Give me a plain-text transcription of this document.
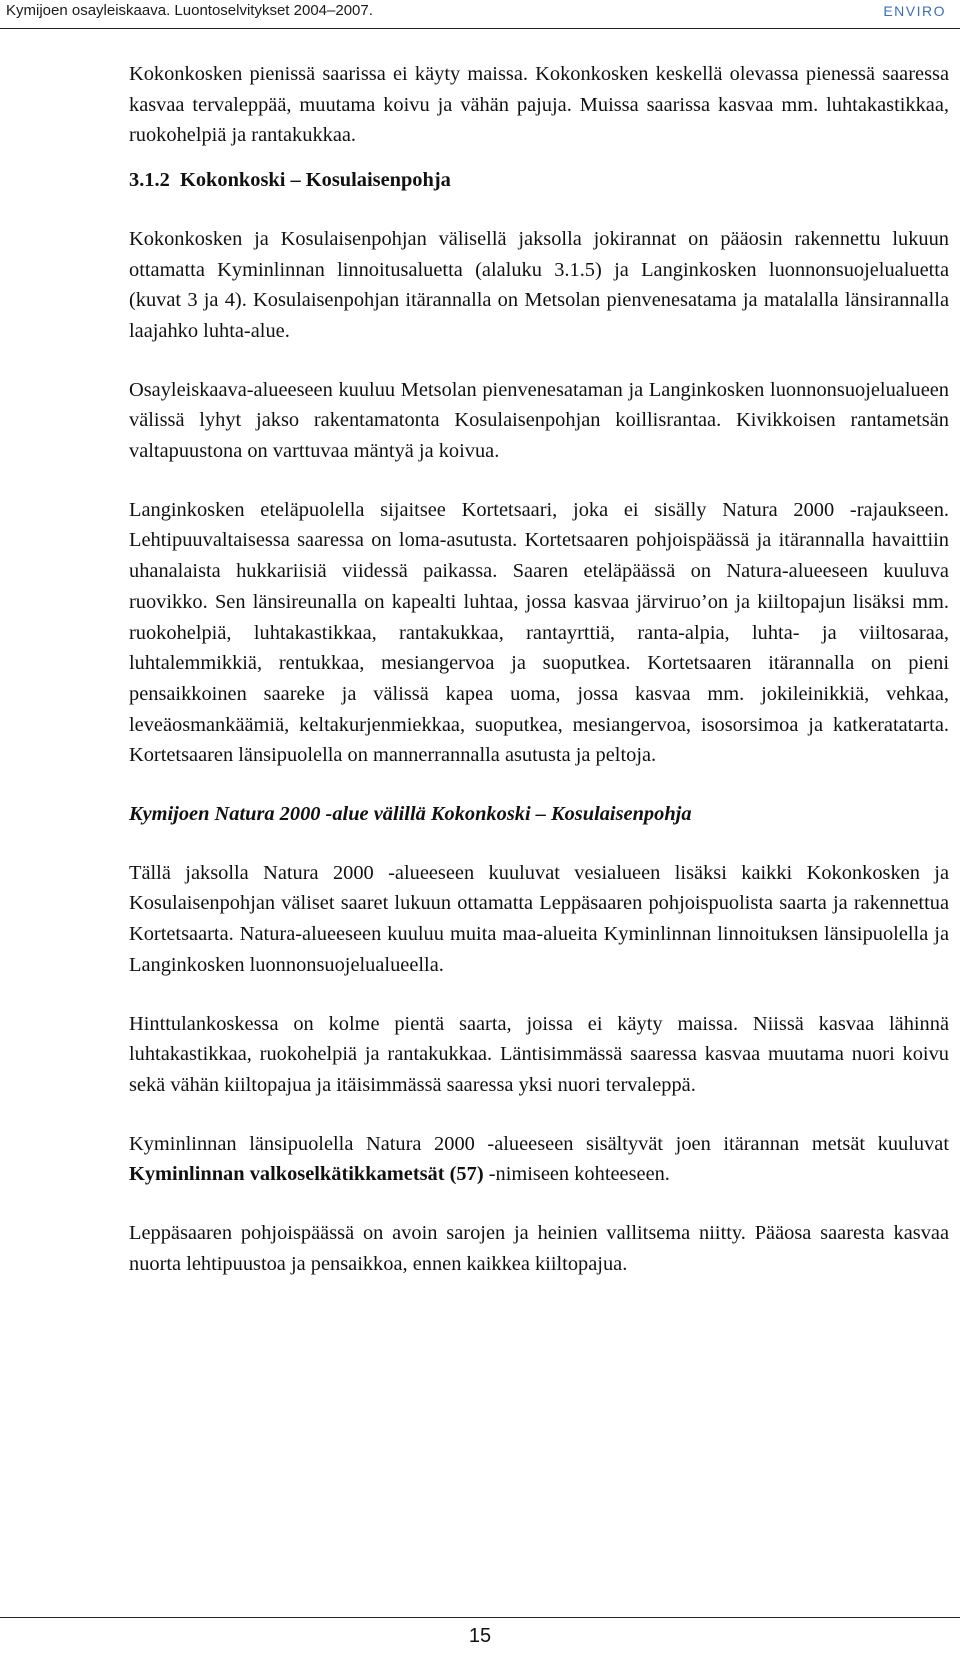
Kymijoen osayleiskaava. Luontoselvitykset 2004–2007.	ENVIRO

Kokonkosken pienissä saarissa ei käyty maissa. Kokonkosken keskellä olevassa pienessä saaressa kasvaa tervaleppää, muutama koivu ja vähän pajuja. Muissa saarissa kasvaa mm. luhtakastikkaa, ruokohelpiä ja rantakukkaa.

3.1.2 Kokonkoski – Kosulaisenpohja

Kokonkosken ja Kosulaisenpohjan välisellä jaksolla jokirannat on pääosin rakennettu lukuun ottamatta Kyminlinnan linnoitusaluetta (alaluku 3.1.5) ja Langinkosken luonnonsuojelualuetta (kuvat 3 ja 4). Kosulaisenpohjan itärannalla on Metsolan pienvenesatama ja matalalla länsirannalla laajahko luhta-alue.

Osayleiskaava-alueeseen kuuluu Metsolan pienvenesataman ja Langinkosken luonnonsuojelualueen välissä lyhyt jakso rakentamatonta Kosulaisenpohjan koillisrantaa. Kivikkoisen rantametsän valtapuustona on varttuvaa mäntyä ja koivua.

Langinkosken eteläpuolella sijaitsee Kortetsaari, joka ei sisälly Natura 2000 -rajaukseen. Lehtipuuvaltaisessa saaressa on loma-asutusta. Kortetsaaren pohjoispäässä ja itärannalla havaittiin uhanalaista hukkariisiä viidessä paikassa. Saaren eteläpäässä on Natura-alueeseen kuuluva ruovikko. Sen länsireunalla on kapealti luhtaa, jossa kasvaa järviruo’on ja kiiltopajun lisäksi mm. ruokohelpiä, luhtakastikkaa, rantakukkaa, rantayrttiä, ranta-alpia, luhta- ja viiltosaraa, luhtalemmikkiä, rentukkaa, mesiangervoa ja suoputkea. Kortetsaaren itärannalla on pieni pensaikkoinen saareke ja välissä kapea uoma, jossa kasvaa mm. jokileinikkiä, vehkaa, leveäosmankäämiä, keltakurjenmiekkaa, suoputkea, mesiangervoa, isosorsimoa ja katkeratatarta. Kortetsaaren länsipuolella on mannerrannalla asutusta ja peltoja.

Kymijoen Natura 2000 -alue välillä Kokonkoski – Kosulaisenpohja

Tällä jaksolla Natura 2000 -alueeseen kuuluvat vesialueen lisäksi kaikki Kokonkosken ja Kosulaisenpohjan väliset saaret lukuun ottamatta Leppäsaaren pohjoispuolista saarta ja rakennettua Kortetsaarta. Natura-alueeseen kuuluu muita maa-alueita Kyminlinnan linnoituksen länsipuolella ja Langinkosken luonnonsuojelualueella.

Hinttulankoskessa on kolme pientä saarta, joissa ei käyty maissa. Niissä kasvaa lähinnä luhtakastikkaa, ruokohelpiä ja rantakukkaa. Läntisimmässä saaressa kasvaa muutama nuori koivu sekä vähän kiiltopajua ja itäisimmässä saaressa yksi nuori tervaleppä.

Kyminlinnan länsipuolella Natura 2000 -alueeseen sisältyvät joen itärannan metsät kuuluvat Kyminlinnan valkoselkätikkametsät (57) -nimiseen kohteeseen.

Leppäsaaren pohjoispäässä on avoin sarojen ja heinien vallitsema niitty. Pääosa saaresta kasvaa nuorta lehtipuustoa ja pensaikkoa, ennen kaikkea kiiltopajua.

15
